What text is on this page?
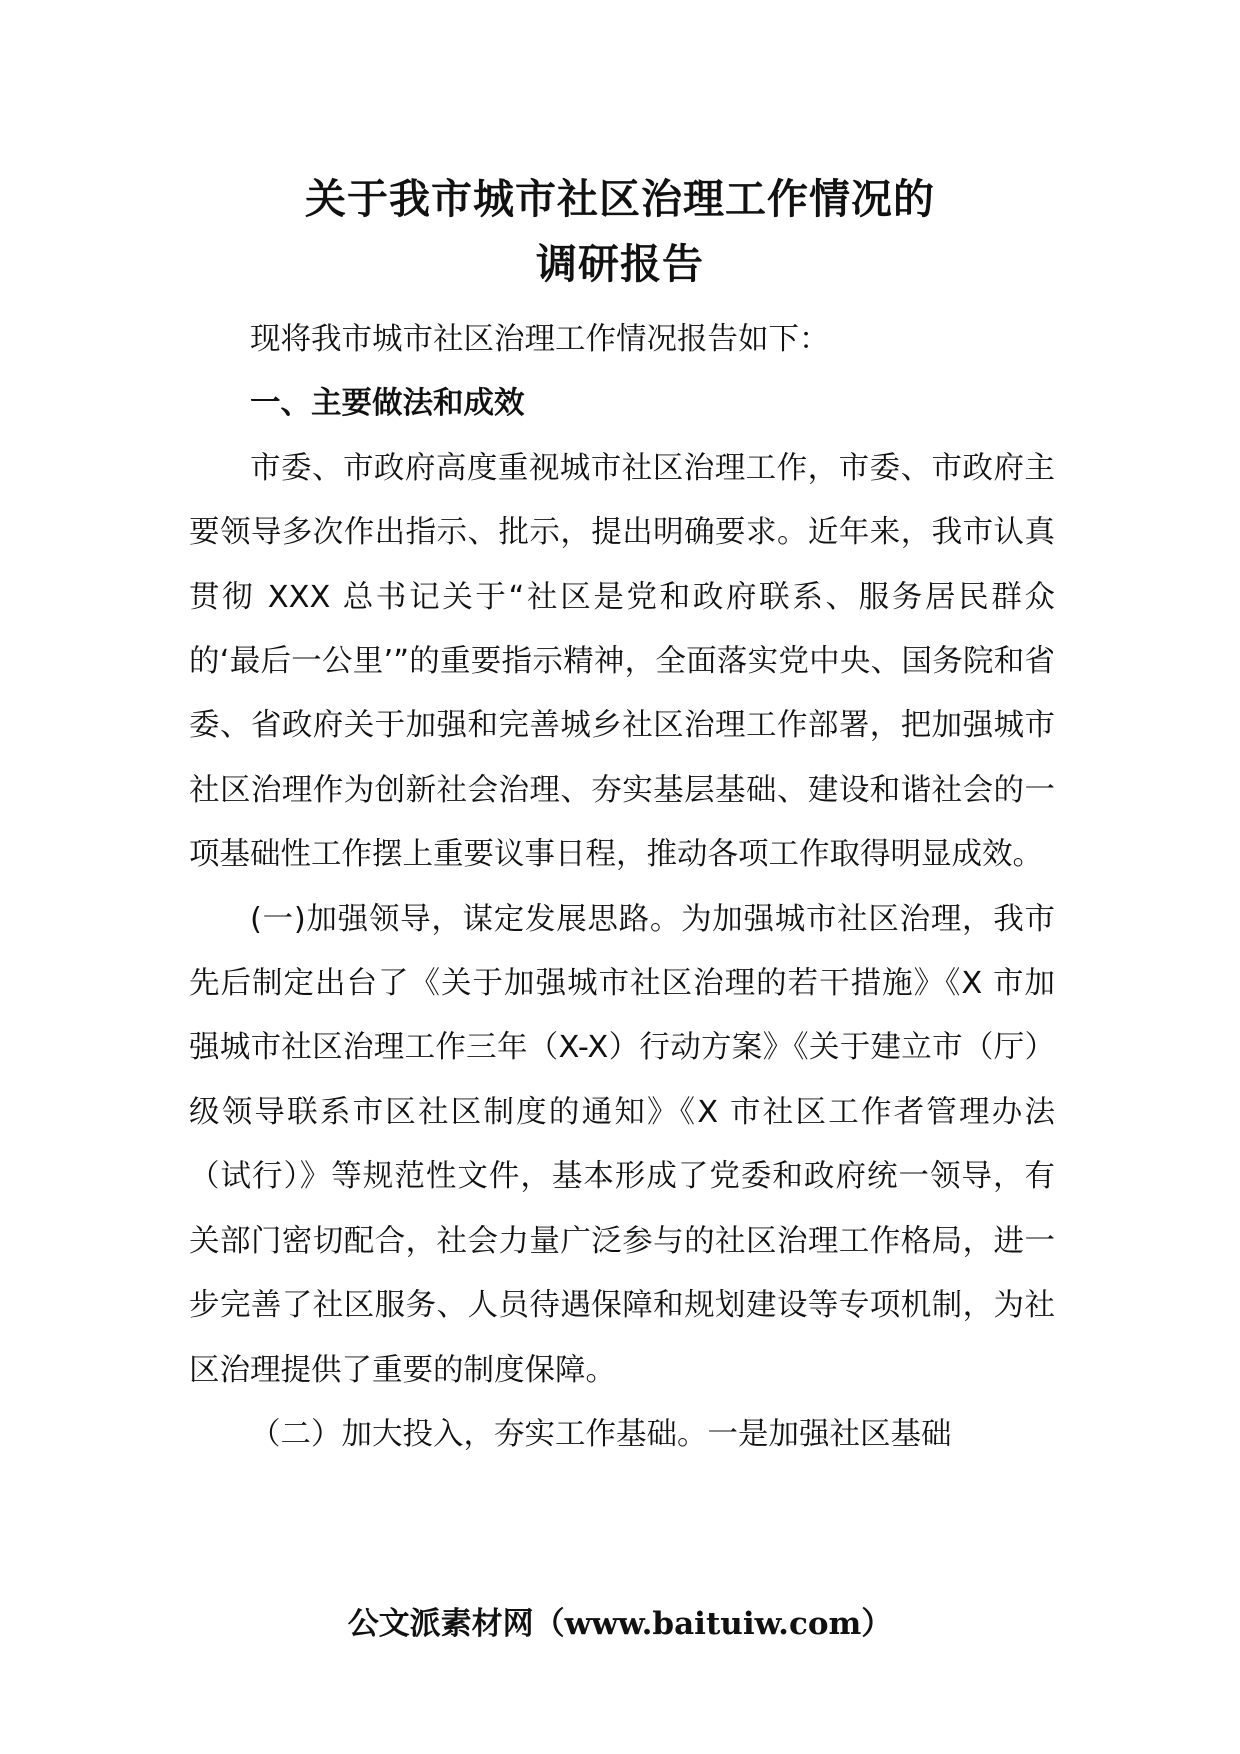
关于我市城市社区治理工作情况的
调研报告

现将我市城市社区治理工作情况报告如下：

一、主要做法和成效

市委、市政府高度重视城市社区治理工作，市委、市政府主要领导多次作出指示、批示，提出明确要求。近年来，我市认真贯彻 XXX 总书记关于“社区是党和政府联系、服务居民群众的‘最后一公里’”的重要指示精神，全面落实党中央、国务院和省委、省政府关于加强和完善城乡社区治理工作部署，把加强城市社区治理作为创新社会治理、夯实基层基础、建设和谐社会的一项基础性工作摆上重要议事日程，推动各项工作取得明显成效。

(一)加强领导，谋定发展思路。为加强城市社区治理，我市先后制定出台了《关于加强城市社区治理的若干措施》《X 市加强城市社区治理工作三年（X-X）行动方案》《关于建立市（厅）级领导联系市区社区制度的通知》《X 市社区工作者管理办法（试行）》等规范性文件，基本形成了党委和政府统一领导，有关部门密切配合，社会力量广泛参与的社区治理工作格局，进一步完善了社区服务、人员待遇保障和规划建设等专项机制，为社区治理提供了重要的制度保障。

（二）加大投入，夯实工作基础。一是加强社区基础

公文派素材网（www.baituiw.com）
